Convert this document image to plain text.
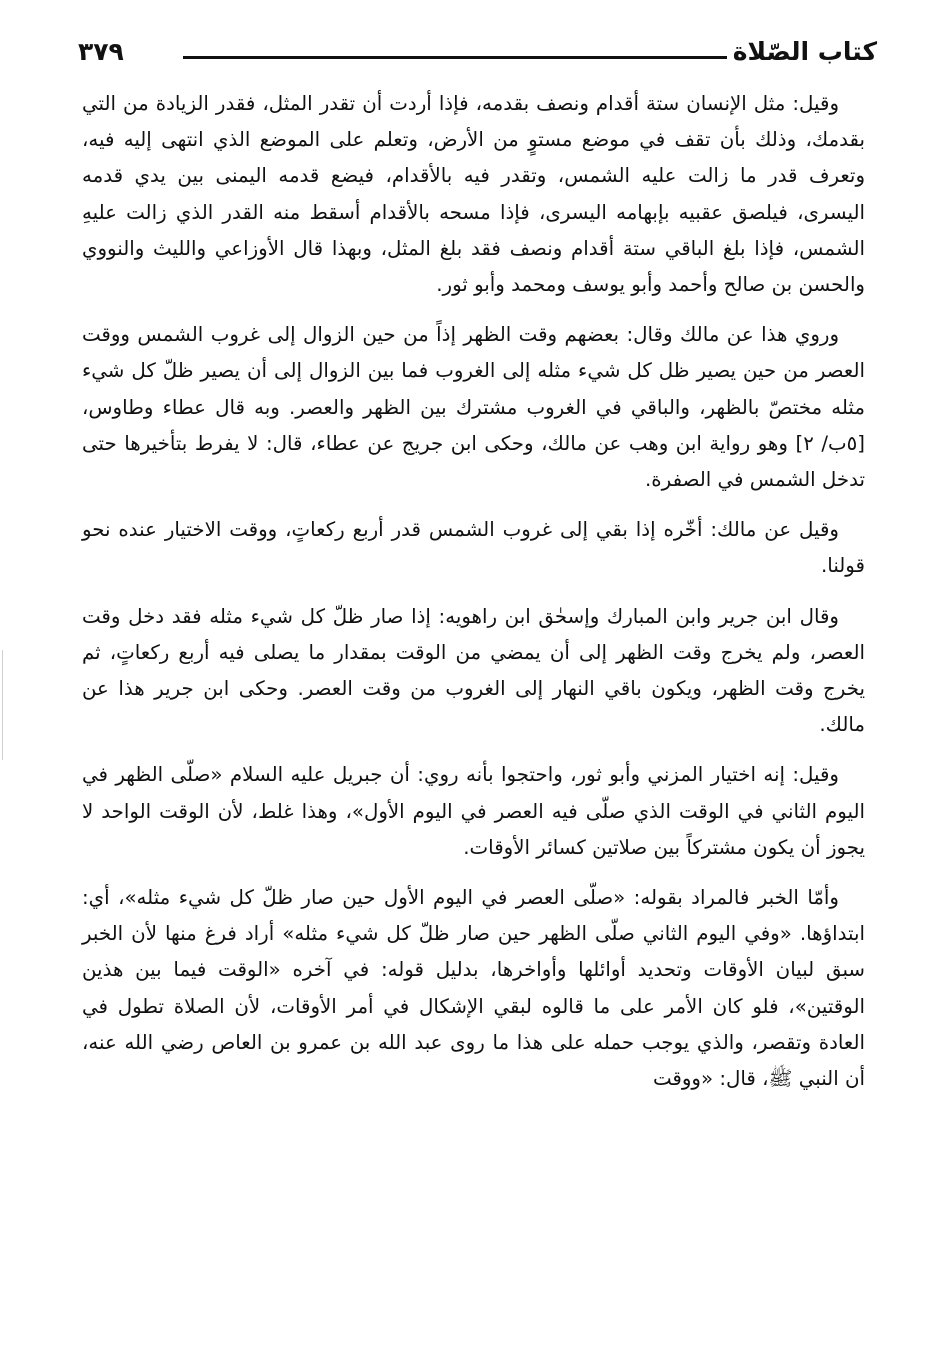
كتاب الصّلاة
٣٧٩

وقيل: مثل الإنسان ستة أقدام ونصف بقدمه، فإذا أردت أن تقدر المثل، فقدر الزيادة من التي بقدمك، وذلك بأن تقف في موضع مستوٍ من الأرض، وتعلم على الموضع الذي انتهى إليه فيه، وتعرف قدر ما زالت عليه الشمس، وتقدر فيه بالأقدام، فيضع قدمه اليمنى بين يدي قدمه اليسرى، فيلصق عقبيه بإبهامه اليسرى، فإذا مسحه بالأقدام أسقط منه القدر الذي زالت عليهِ الشمس، فإذا بلغ الباقي ستة أقدام ونصف فقد بلغ المثل، وبهذا قال الأوزاعي والليث والنووي والحسن بن صالح وأحمد وأبو يوسف ومحمد وأبو ثور.

وروي هذا عن مالك وقال: بعضهم وقت الظهر إذاً من حين الزوال إلى غروب الشمس ووقت العصر من حين يصير ظل كل شيء مثله إلى الغروب فما بين الزوال إلى أن يصير ظلّ كل شيء مثله مختصّ بالظهر، والباقي في الغروب مشترك بين الظهر والعصر. وبه قال عطاء وطاوس، [٥ب/ ٢] وهو رواية ابن وهب عن مالك، وحكى ابن جريج عن عطاء، قال: لا يفرط بتأخيرها حتى تدخل الشمس في الصفرة.

وقيل عن مالك: أخّره إذا بقي إلى غروب الشمس قدر أربع ركعاتٍ، ووقت الاختيار عنده نحو قولنا.

وقال ابن جرير وابن المبارك وإسحٰق ابن راهويه: إذا صار ظلّ كل شيء مثله فقد دخل وقت العصر، ولم يخرج وقت الظهر إلى أن يمضي من الوقت بمقدار ما يصلى فيه أربع ركعاتٍ، ثم يخرج وقت الظهر، ويكون باقي النهار إلى الغروب من وقت العصر. وحكى ابن جرير هذا عن مالك.

وقيل: إنه اختيار المزني وأبو ثور، واحتجوا بأنه روي: أن جبريل عليه السلام «صلّى الظهر في اليوم الثاني في الوقت الذي صلّى فيه العصر في اليوم الأول»، وهذا غلط، لأن الوقت الواحد لا يجوز أن يكون مشتركاً بين صلاتين كسائر الأوقات.

وأمّا الخبر فالمراد بقوله: «صلّى العصر في اليوم الأول حين صار ظلّ كل شيء مثله»، أي: ابتداؤها. «وفي اليوم الثاني صلّى الظهر حين صار ظلّ كل شيء مثله» أراد فرغ منها لأن الخبر سبق لبيان الأوقات وتحديد أوائلها وأواخرها، بدليل قوله: في آخره «الوقت فيما بين هذين الوقتين»، فلو كان الأمر على ما قالوه لبقي الإشكال في أمر الأوقات، لأن الصلاة تطول في العادة وتقصر، والذي يوجب حمله على هذا ما روى عبد الله بن عمرو بن العاص رضي الله عنه، أن النبي ﷺ، قال: «ووقت
